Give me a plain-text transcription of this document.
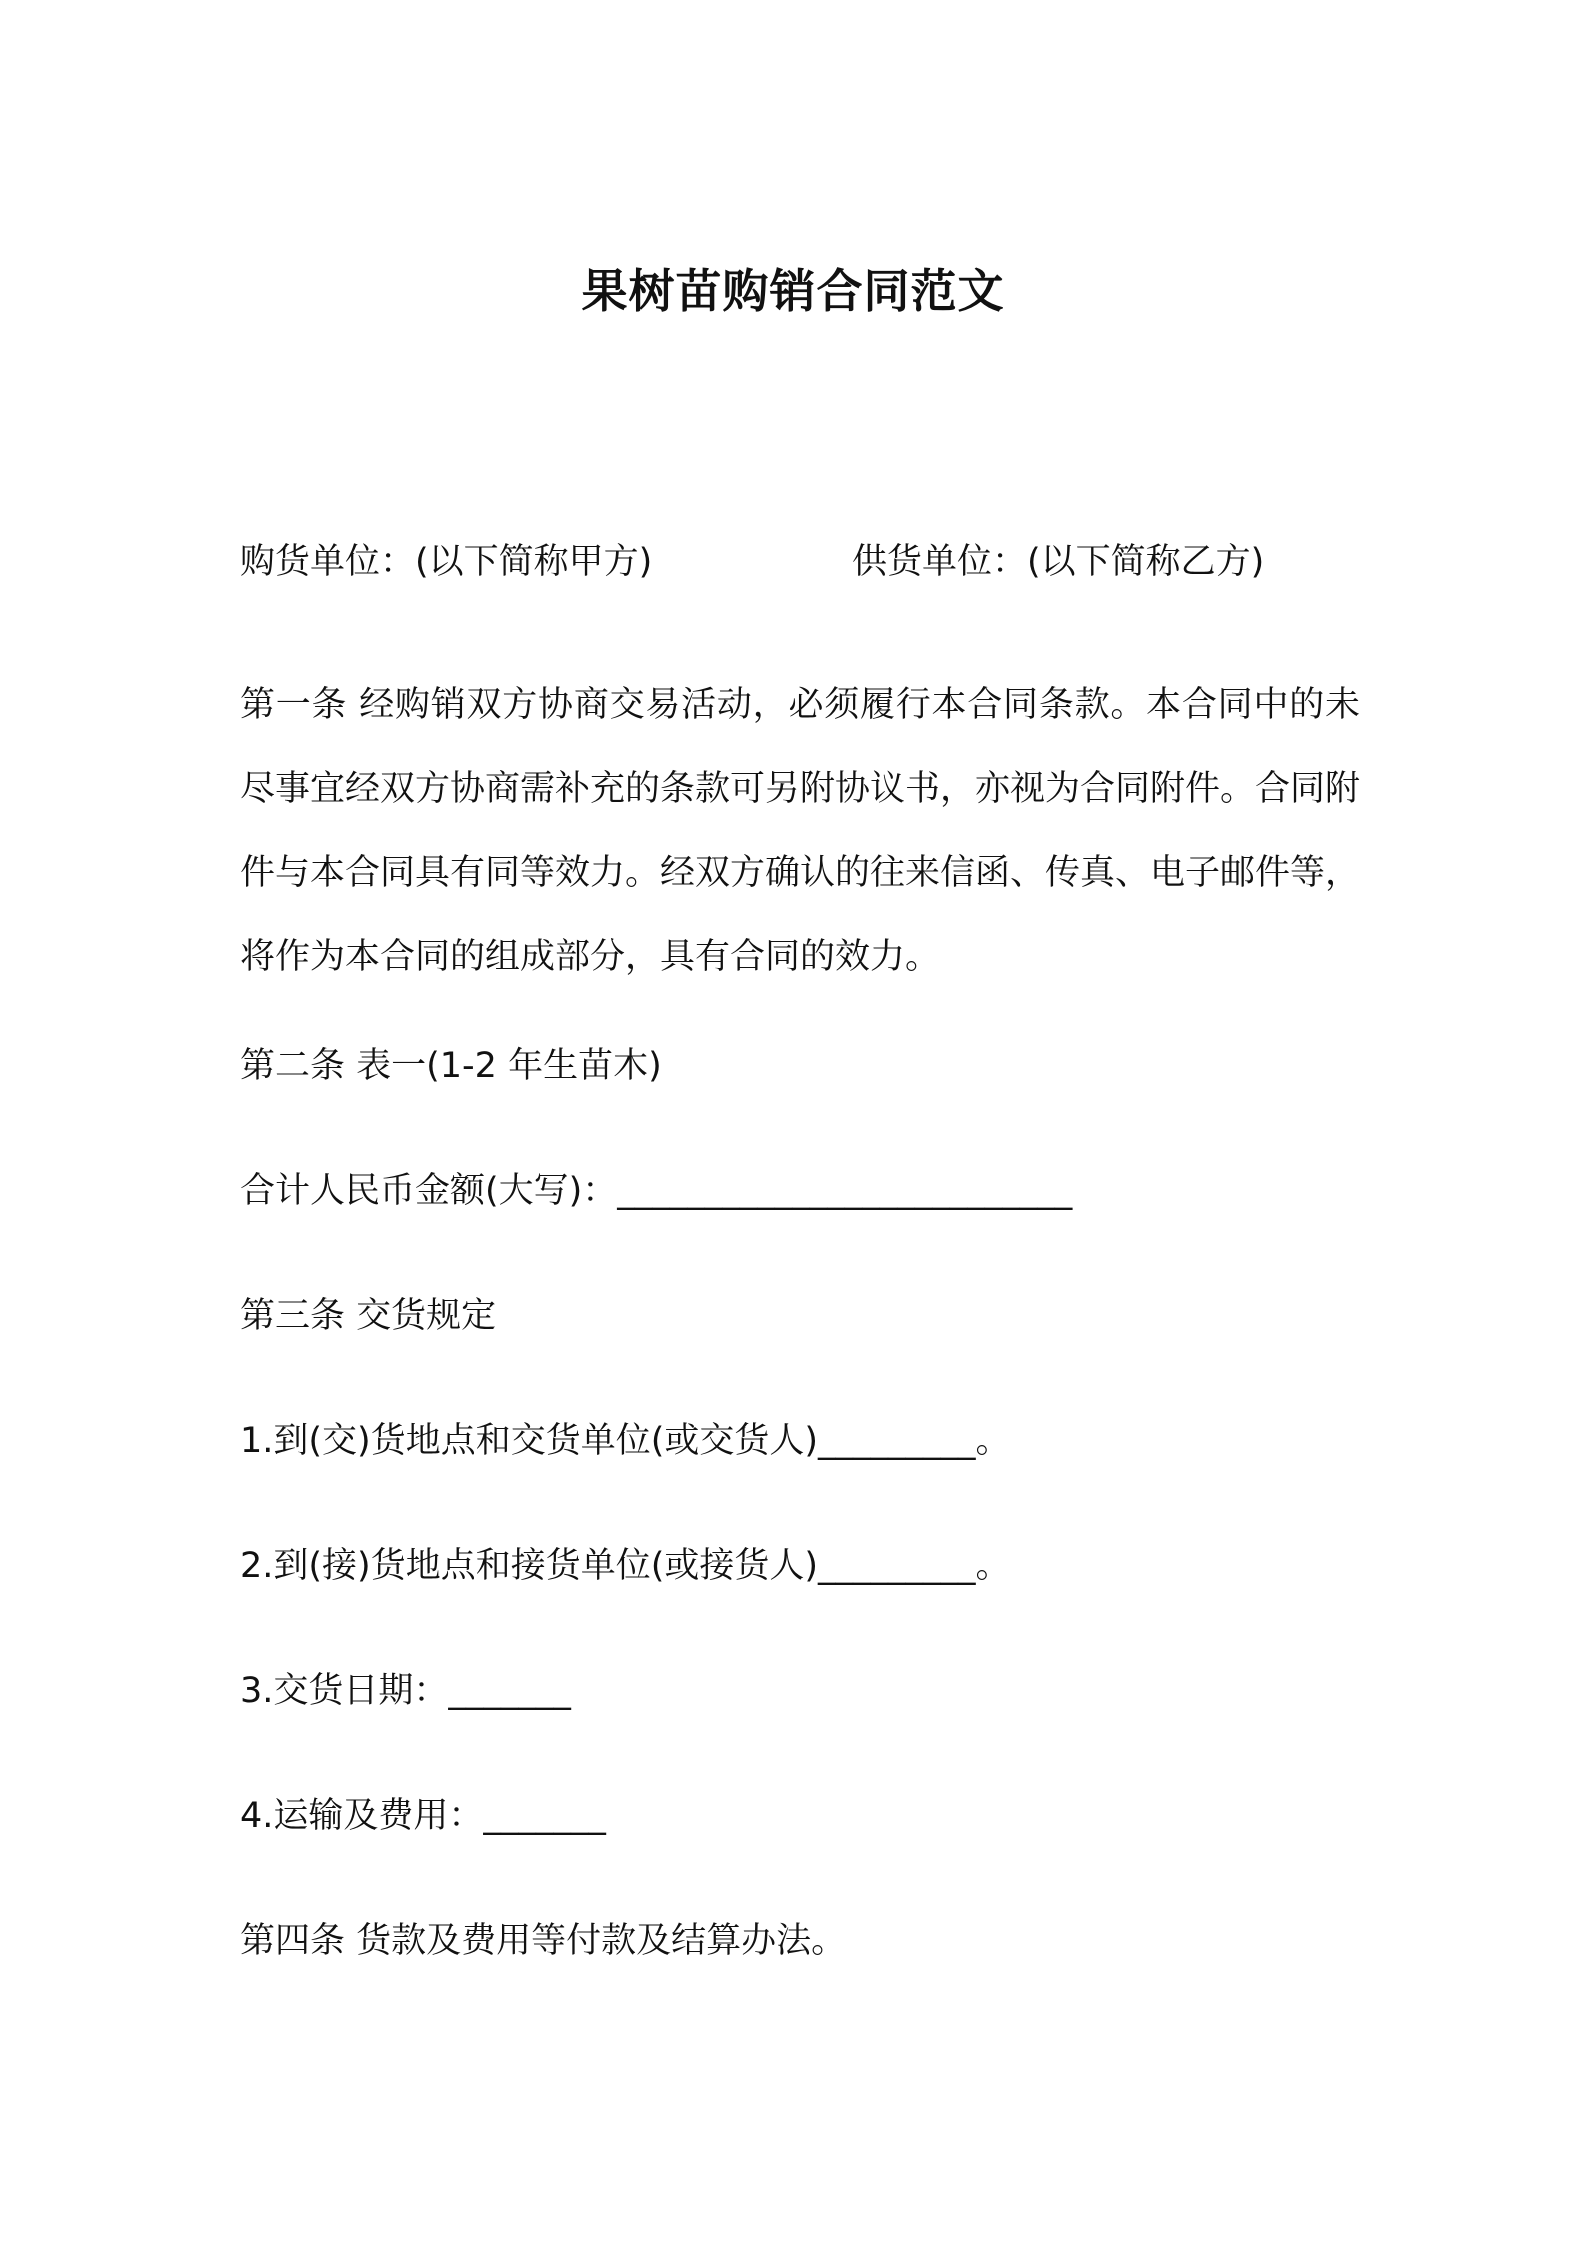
果树苗购销合同范文
购货单位：(以下简称甲方)	供货单位：(以下简称乙方)

第一条 经购销双方协商交易活动，必须履行本合同条款。本合同中的未尽事宜经双方协商需补充的条款可另附协议书，亦视为合同附件。合同附件与本合同具有同等效力。经双方确认的往来信函、传真、电子邮件等，将作为本合同的组成部分，具有合同的效力。

第二条 表一(1-2 年生苗木)

合计人民币金额(大写)：__________________________

第三条 交货规定

1.到(交)货地点和交货单位(或交货人)_________。

2.到(接)货地点和接货单位(或接货人)_________。

3.交货日期：_______

4.运输及费用：_______

第四条 货款及费用等付款及结算办法。
